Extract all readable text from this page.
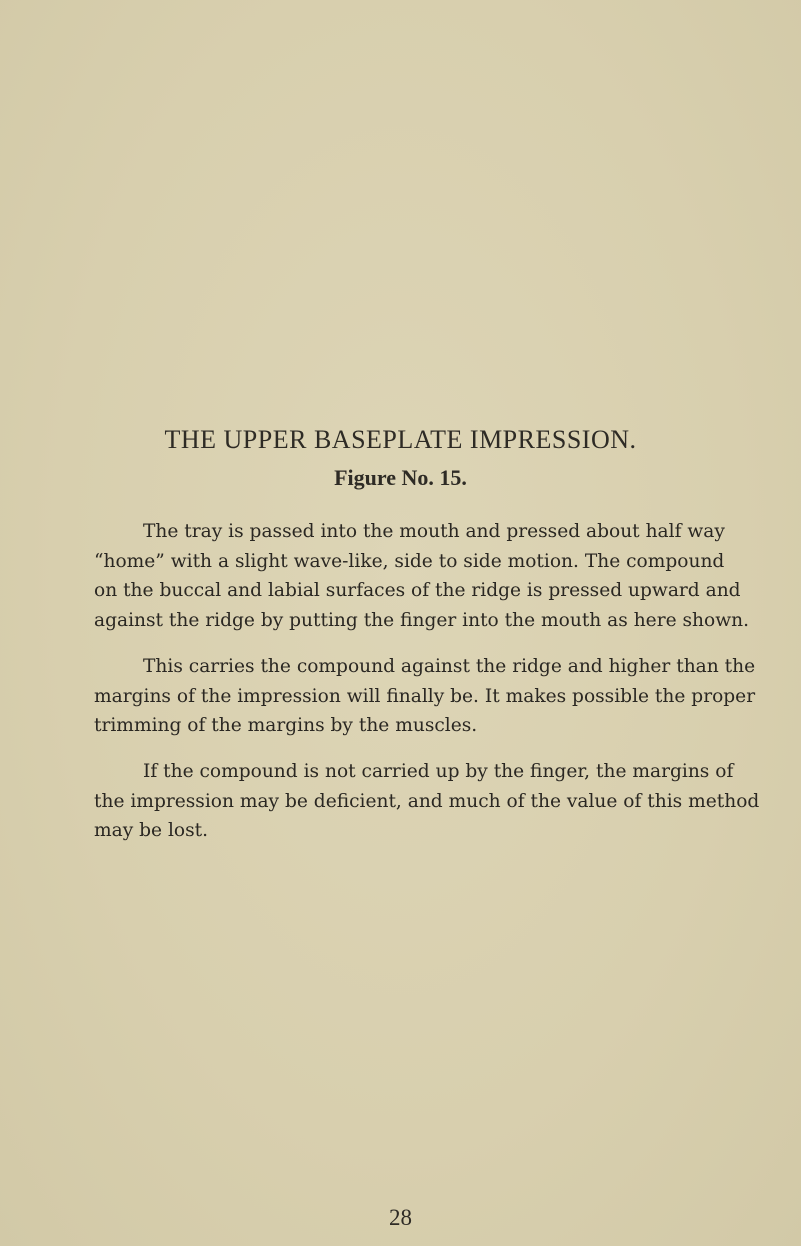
THE UPPER BASEPLATE IMPRESSION.
Figure No. 15.

The tray is passed into the mouth and pressed about half way
“home” with a slight wave-like, side to side motion. The compound
on the buccal and labial surfaces of the ridge is pressed upward and
against the ridge by putting the finger into the mouth as here shown.

This carries the compound against the ridge and higher than the
margins of the impression will finally be. It makes possible the proper
trimming of the margins by the muscles.

If the compound is not carried up by the finger, the margins of
the impression may be deficient, and much of the value of this method
may be lost.

28
